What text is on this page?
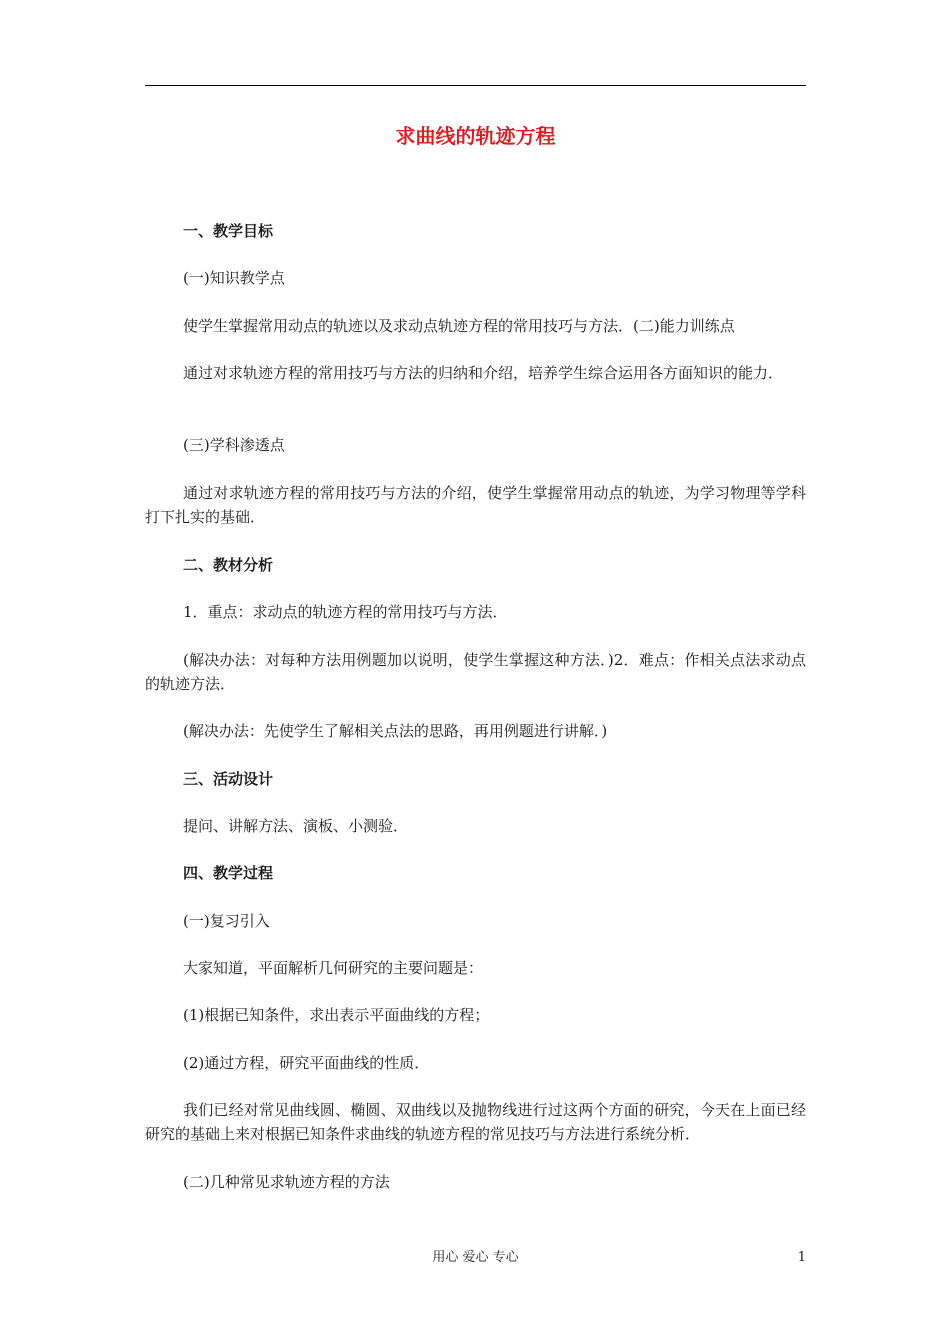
求曲线的轨迹方程

一、教学目标

(一)知识教学点

使学生掌握常用动点的轨迹以及求动点轨迹方程的常用技巧与方法．(二)能力训练点

通过对求轨迹方程的常用技巧与方法的归纳和介绍，培养学生综合运用各方面知识的能力．

(三)学科渗透点

通过对求轨迹方程的常用技巧与方法的介绍，使学生掌握常用动点的轨迹，为学习物理等学科打下扎实的基础．

二、教材分析

1．重点：求动点的轨迹方程的常用技巧与方法．

(解决办法：对每种方法用例题加以说明，使学生掌握这种方法．)2．难点：作相关点法求动点的轨迹方法．

(解决办法：先使学生了解相关点法的思路，再用例题进行讲解．)

三、活动设计

提问、讲解方法、演板、小测验．

四、教学过程

(一)复习引入

大家知道，平面解析几何研究的主要问题是：

(1)根据已知条件，求出表示平面曲线的方程；

(2)通过方程，研究平面曲线的性质．

我们已经对常见曲线圆、椭圆、双曲线以及抛物线进行过这两个方面的研究，今天在上面已经研究的基础上来对根据已知条件求曲线的轨迹方程的常见技巧与方法进行系统分析．

(二)几种常见求轨迹方程的方法

用心 爱心 专心	1
